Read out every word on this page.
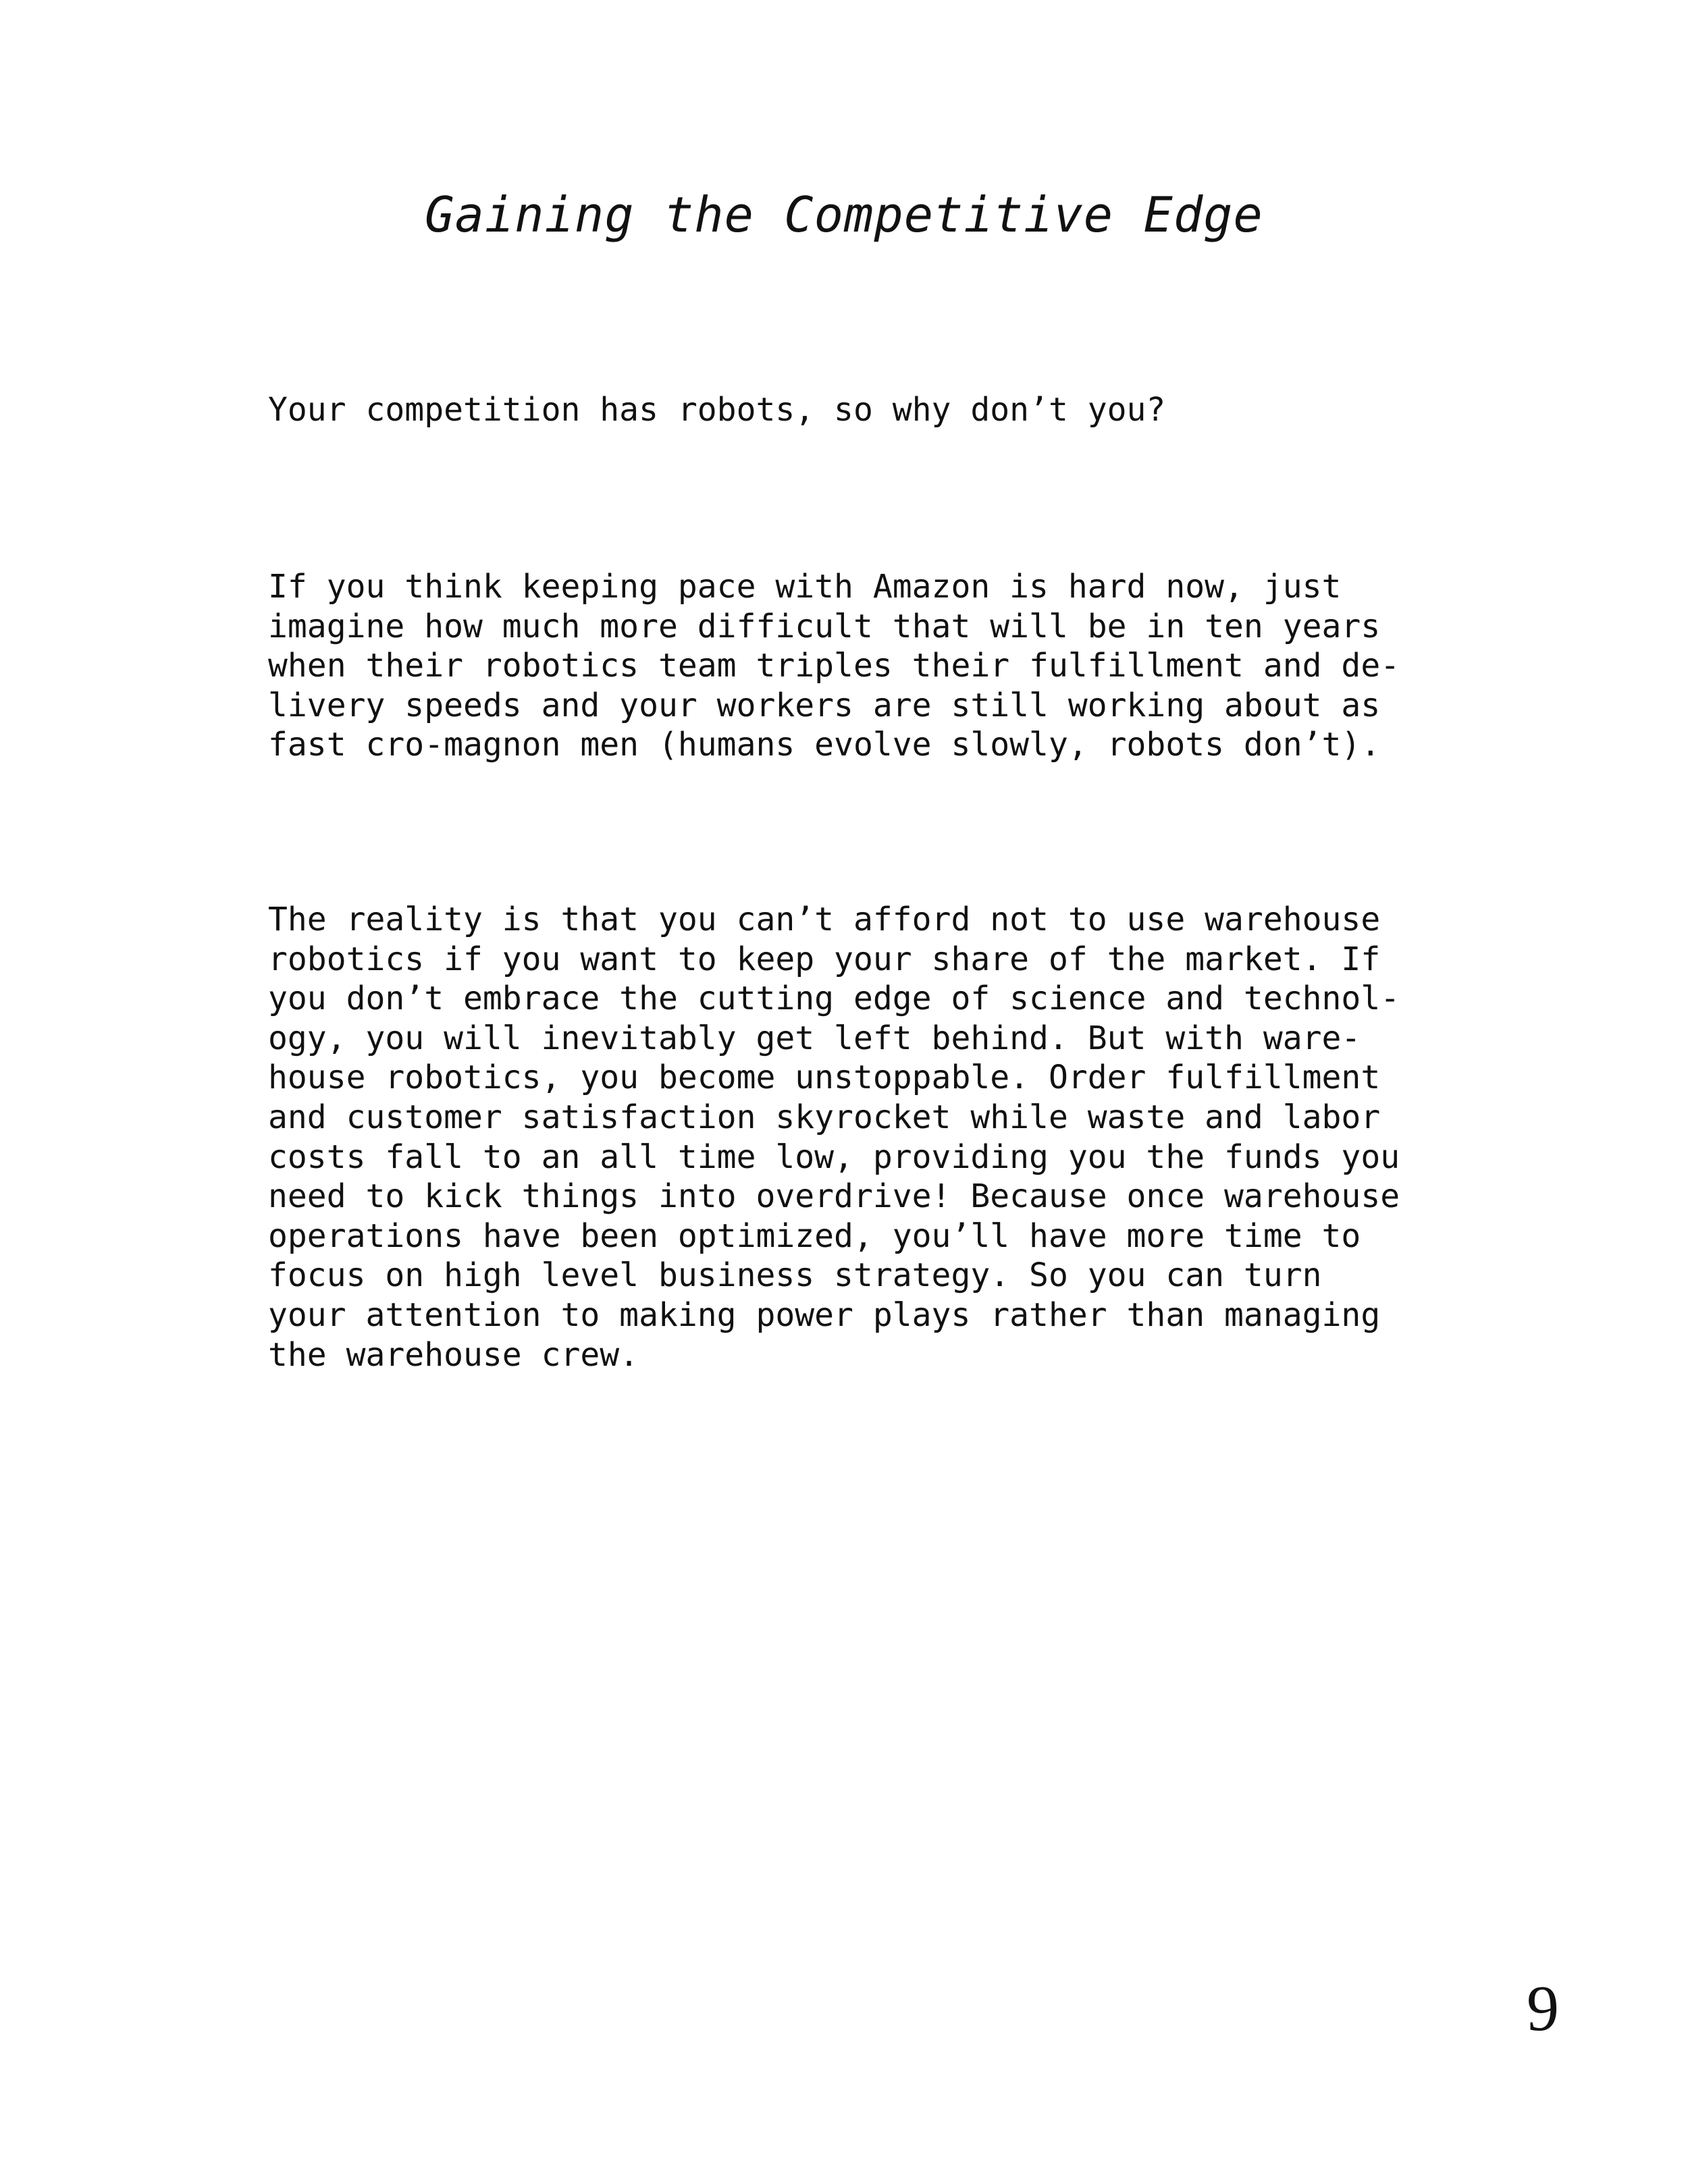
Gaining the Competitive Edge

Your competition has robots, so why don’t you?

If you think keeping pace with Amazon is hard now, just
imagine how much more difficult that will be in ten years
when their robotics team triples their fulfillment and de-
livery speeds and your workers are still working about as
fast cro-magnon men (humans evolve slowly, robots don’t).

The reality is that you can’t afford not to use warehouse
robotics if you want to keep your share of the market. If
you don’t embrace the cutting edge of science and technol-
ogy, you will inevitably get left behind. But with ware-
house robotics, you become unstoppable. Order fulfillment
and customer satisfaction skyrocket while waste and labor
costs fall to an all time low, providing you the funds you
need to kick things into overdrive! Because once warehouse
operations have been optimized, you’ll have more time to
focus on high level business strategy. So you can turn
your attention to making power plays rather than managing
the warehouse crew.

9
